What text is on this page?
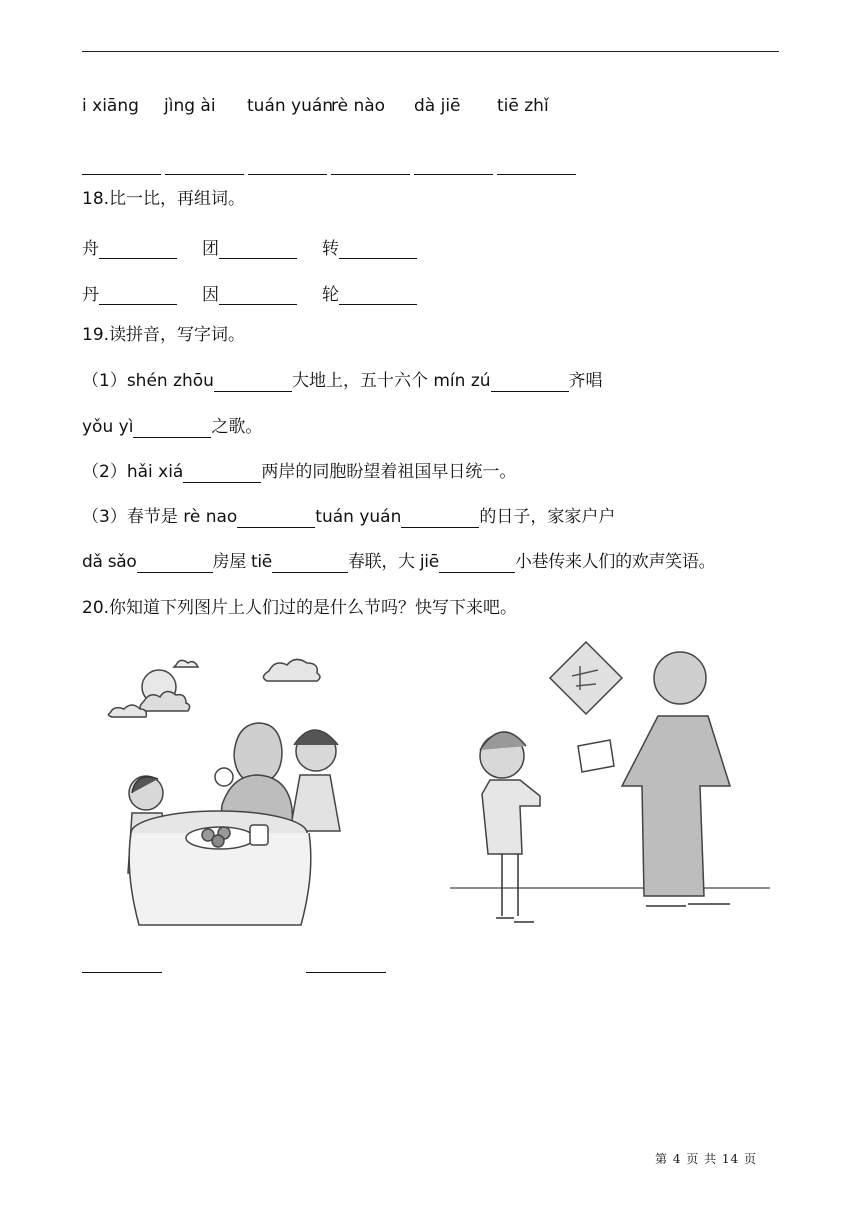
i xiāng jìng ài tuán yuán
rè nào dà jiē tiē zhǐ
18.比一比，再组词。
舟	团	转
丹	因	轮
19.读拼音，写字词。
（1）shén zhōu	大地上，五十六个 mín zú	齐唱
yǒu yì	之歌。
（2）hǎi xiá	两岸的同胞盼望着祖国早日统一。
（3）春节是 rè nao	tuán yuán	的日子，家家户户
dǎ sǎo	房屋 tiē	春联，大 jiē	小巷传来人们的欢声笑语。
20.你知道下列图片上人们过的是什么节吗？快写下来吧。
第 4 页 共 14 页
